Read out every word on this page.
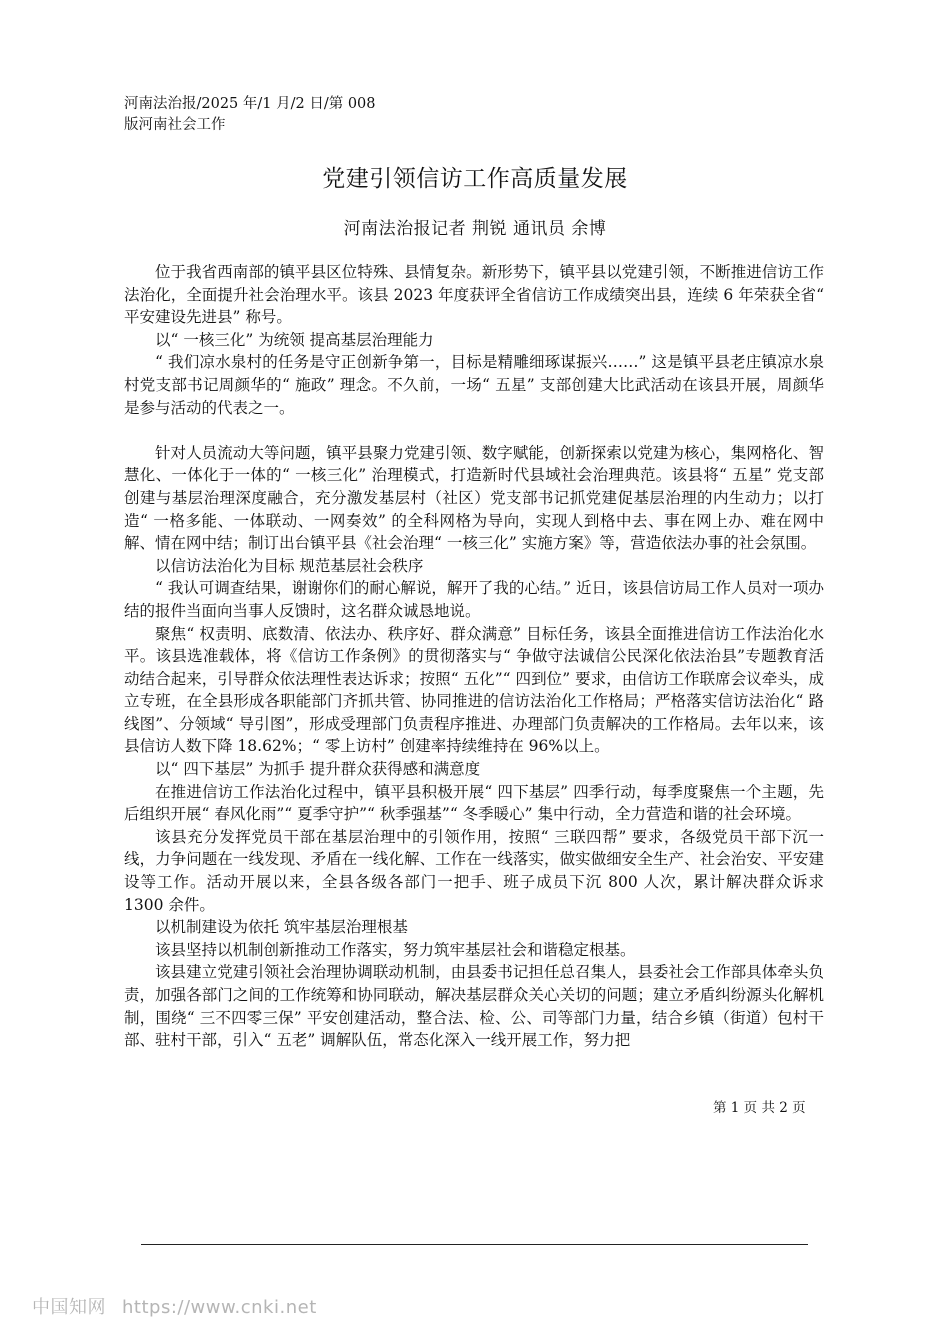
河南法治报/2025 年/1 月/2 日/第 008
版河南社会工作
党建引领信访工作高质量发展
河南法治报记者 荆锐 通讯员 余博

位于我省西南部的镇平县区位特殊、县情复杂。新形势下，镇平县以党建引领，不断推进信访工作法治化，全面提升社会治理水平。该县 2023 年度获评全省信访工作成绩突出县，连续 6 年荣获全省“ 平安建设先进县” 称号。

以“ 一核三化” 为统领 提高基层治理能力

“ 我们凉水泉村的任务是守正创新争第一，目标是精雕细琢谋振兴……” 这是镇平县老庄镇凉水泉村党支部书记周颜华的“ 施政” 理念。不久前，一场“ 五星” 支部创建大比武活动在该县开展，周颜华是参与活动的代表之一。

针对人员流动大等问题，镇平县聚力党建引领、数字赋能，创新探索以党建为核心，集网格化、智慧化、一体化于一体的“ 一核三化” 治理模式，打造新时代县域社会治理典范。该县将“ 五星” 党支部创建与基层治理深度融合，充分激发基层村（社区）党支部书记抓党建促基层治理的内生动力；以打造“ 一格多能、一体联动、一网奏效” 的全科网格为导向，实现人到格中去、事在网上办、难在网中解、情在网中结；制订出台镇平县《社会治理“ 一核三化” 实施方案》等，营造依法办事的社会氛围。

以信访法治化为目标 规范基层社会秩序

“ 我认可调查结果，谢谢你们的耐心解说，解开了我的心结。” 近日，该县信访局工作人员对一项办结的报件当面向当事人反馈时，这名群众诚恳地说。

聚焦“ 权责明、底数清、依法办、秩序好、群众满意” 目标任务，该县全面推进信访工作法治化水平。该县选准载体，将《信访工作条例》的贯彻落实与“ 争做守法诚信公民深化依法治县”专题教育活动结合起来，引导群众依法理性表达诉求；按照“ 五化”“ 四到位” 要求，由信访工作联席会议牵头，成立专班，在全县形成各职能部门齐抓共管、协同推进的信访法治化工作格局；严格落实信访法治化“ 路线图”、分领域“ 导引图”，形成受理部门负责程序推进、办理部门负责解决的工作格局。去年以来，该县信访人数下降 18.62%；“ 零上访村” 创建率持续维持在 96%以上。

以“ 四下基层” 为抓手 提升群众获得感和满意度

在推进信访工作法治化过程中，镇平县积极开展“ 四下基层” 四季行动，每季度聚焦一个主题，先后组织开展“ 春风化雨”“ 夏季守护”“ 秋季强基”“ 冬季暖心” 集中行动，全力营造和谐的社会环境。

该县充分发挥党员干部在基层治理中的引领作用，按照“ 三联四帮” 要求，各级党员干部下沉一线，力争问题在一线发现、矛盾在一线化解、工作在一线落实，做实做细安全生产、社会治安、平安建设等工作。活动开展以来，全县各级各部门一把手、班子成员下沉 800 人次，累计解决群众诉求 1300 余件。

以机制建设为依托 筑牢基层治理根基

该县坚持以机制创新推动工作落实，努力筑牢基层社会和谐稳定根基。

该县建立党建引领社会治理协调联动机制，由县委书记担任总召集人，县委社会工作部具体牵头负责，加强各部门之间的工作统筹和协同联动，解决基层群众关心关切的问题；建立矛盾纠纷源头化解机制，围绕“ 三不四零三保” 平安创建活动，整合法、检、公、司等部门力量，结合乡镇（街道）包村干部、驻村干部，引入“ 五老” 调解队伍，常态化深入一线开展工作，努力把

第 1 页 共 2 页
中国知网 https://www.cnki.net
